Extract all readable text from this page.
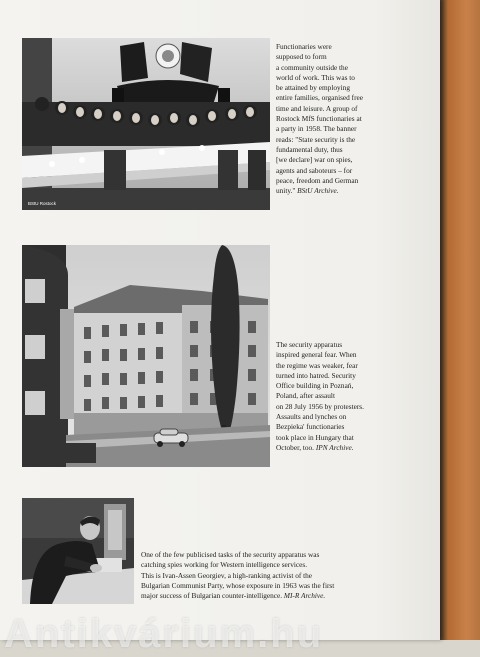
BStU Rostock
Functionaries were
supposed to form
a community outside the
world of work. This was to
be attained by employing
entire families, organised free
time and leisure. A group of
Rostock MfS functionaries at
a party in 1958. The banner
reads: "State security is the
fundamental duty, thus
[we declare] war on spies,
agents and saboteurs – for
peace, freedom and German
unity." BStU Archive.
The security apparatus
inspired general fear. When
the regime was weaker, fear
turned into hatred. Security
Office building in Poznań,
Poland, after assault
on 28 July 1956 by protesters.
Assaults and lynches on
Bezpieka' functionaries
took place in Hungary that
October, too. IPN Archive.
One of the few publicised tasks of the security apparatus was
catching spies working for Western intelligence services.
This is Ivan-Assen Georgiev, a high-ranking activist of the
Bulgarian Communist Party, whose exposure in 1963 was the first
major success of Bulgarian counter-intelligence. MI-R Archive.
Antikvárium.hu
